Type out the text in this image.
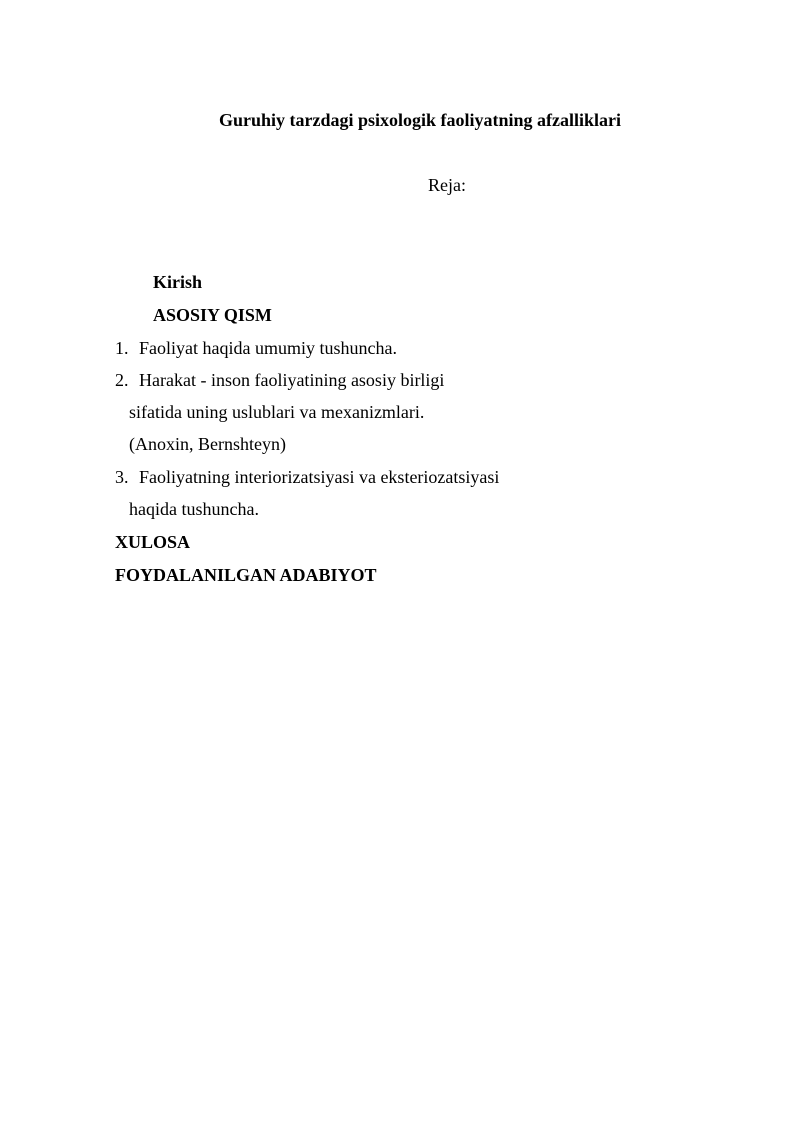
Guruhiy tarzdagi psixologik faoliyatning afzalliklari
Reja:
Kirish
ASOSIY QISM
1. Faoliyat haqida umumiy tushuncha.
2. Harakat - inson faoliyatining asosiy birligi
sifatida uning uslublari va mexanizmlari.
(Anoxin, Bernshteyn)
3. Faoliyatning interiorizatsiyasi va eksteriozatsiyasi
haqida tushuncha.
XULOSA
FOYDALANILGAN ADABIYOT
